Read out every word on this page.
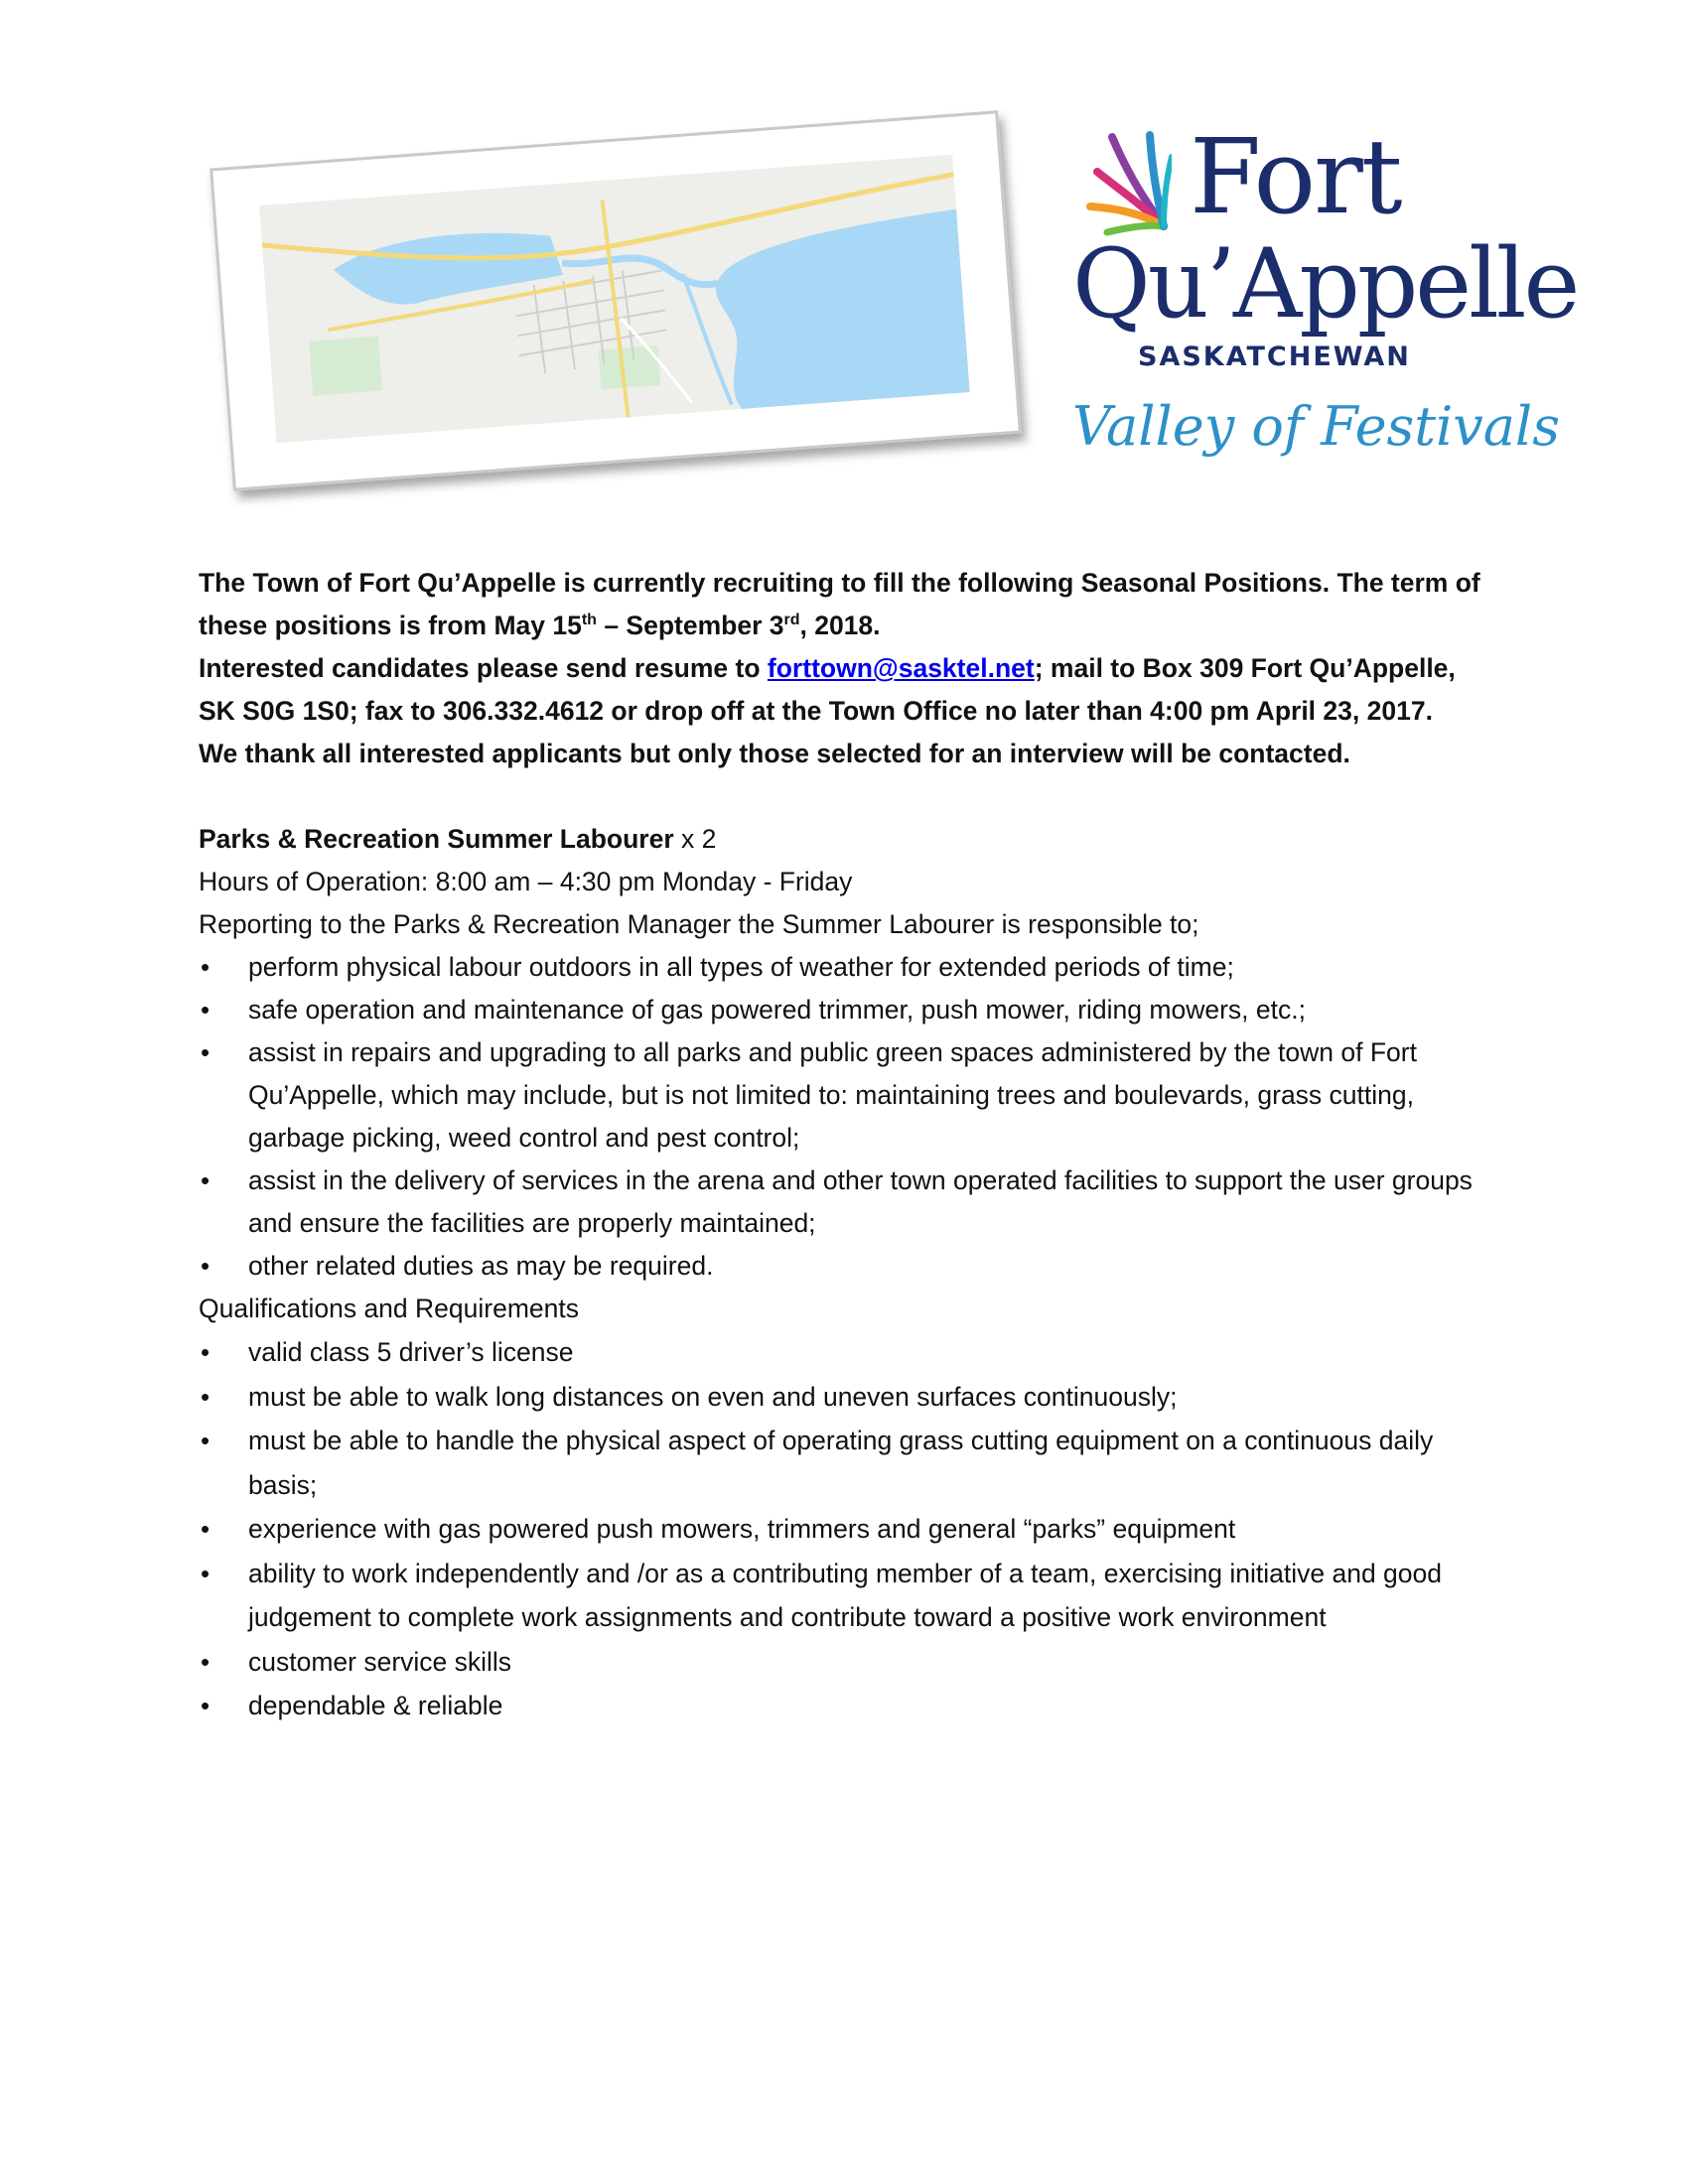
Fort
Qu’Appelle
SASKATCHEWAN
Valley of Festivals

The Town of Fort Qu’Appelle is currently recruiting to fill the following Seasonal Positions. The term of these positions is from May 15th – September 3rd, 2018.

Interested candidates please send resume to forttown@sasktel.net; mail to Box 309 Fort Qu’Appelle, SK S0G 1S0; fax to 306.332.4612 or drop off at the Town Office no later than 4:00 pm April 23, 2017.

We thank all interested applicants but only those selected for an interview will be contacted.

Parks & Recreation Summer Labourer x 2

Hours of Operation: 8:00 am – 4:30 pm Monday - Friday

Reporting to the Parks & Recreation Manager the Summer Labourer is responsible to;

• perform physical labour outdoors in all types of weather for extended periods of time;
• safe operation and maintenance of gas powered trimmer, push mower, riding mowers, etc.;
• assist in repairs and upgrading to all parks and public green spaces administered by the town of Fort Qu’Appelle, which may include, but is not limited to: maintaining trees and boulevards, grass cutting, garbage picking, weed control and pest control;
• assist in the delivery of services in the arena and other town operated facilities to support the user groups and ensure the facilities are properly maintained;
• other related duties as may be required.

Qualifications and Requirements

• valid class 5 driver’s license
• must be able to walk long distances on even and uneven surfaces continuously;
• must be able to handle the physical aspect of operating grass cutting equipment on a continuous daily basis;
• experience with gas powered push mowers, trimmers and general “parks” equipment
• ability to work independently and /or as a contributing member of a team, exercising initiative and good judgement to complete work assignments and contribute toward a positive work environment
• customer service skills
• dependable & reliable
